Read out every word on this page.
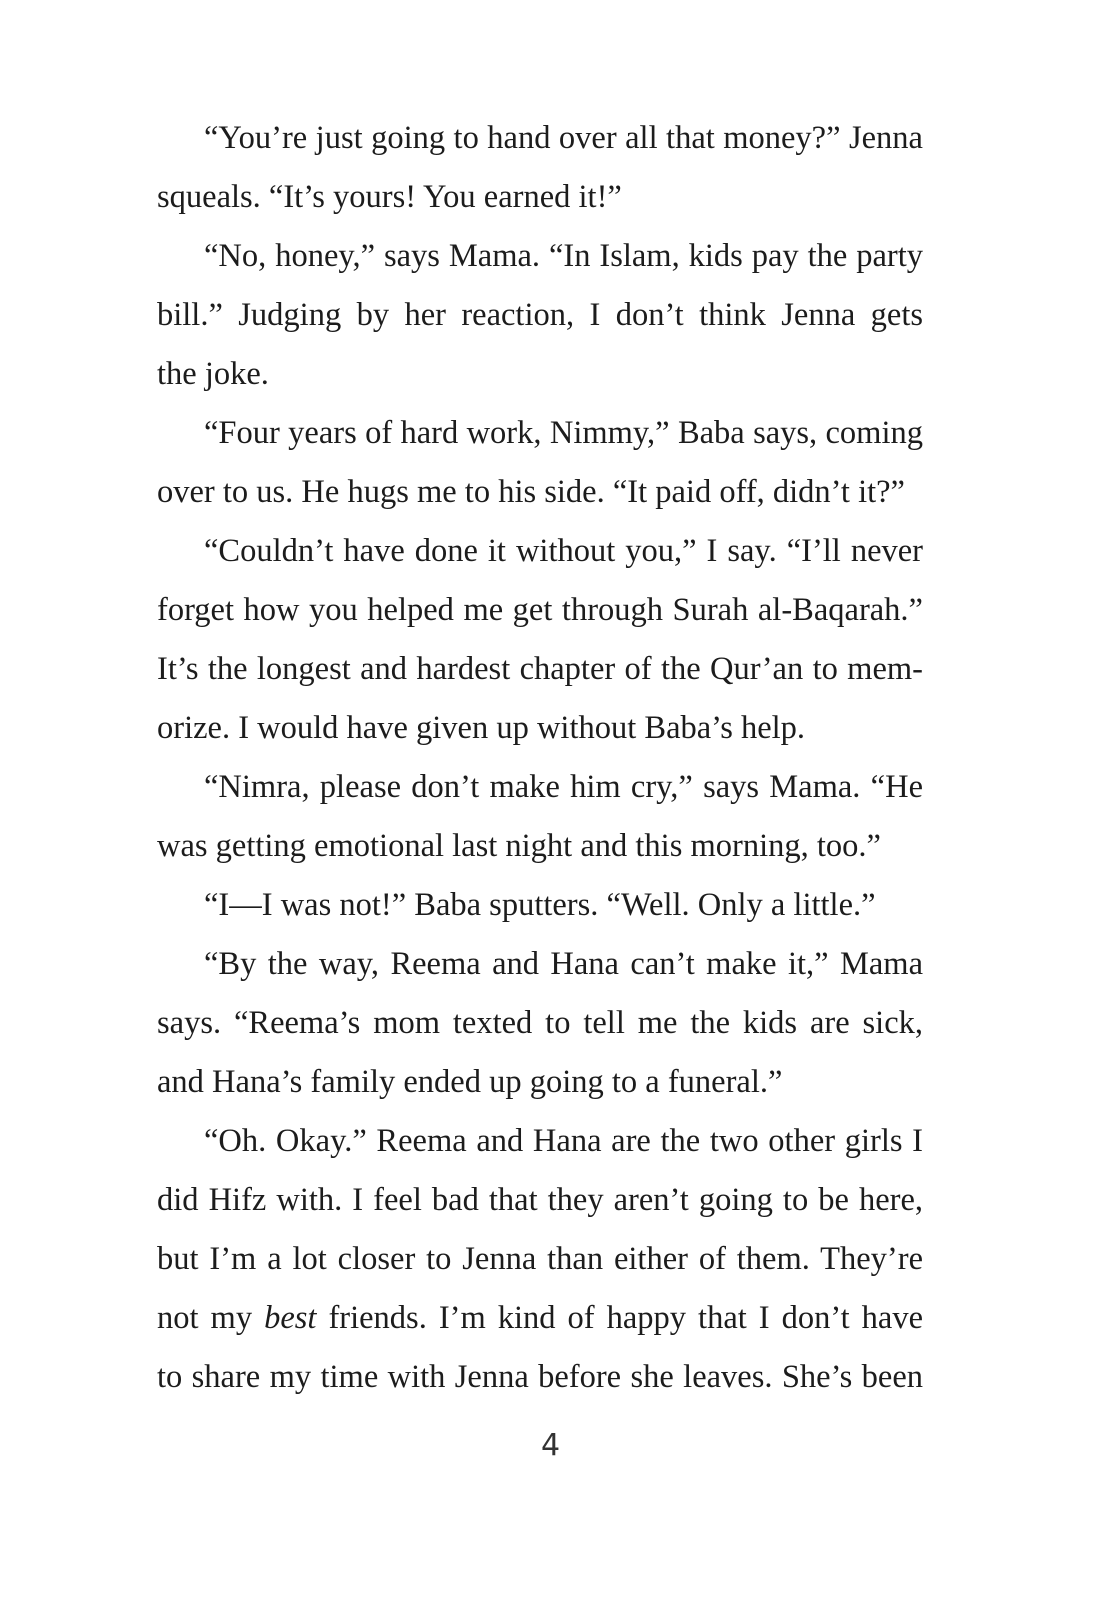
“You’re just going to hand over all that money?” Jenna
squeals. “It’s yours! You earned it!”
“No, honey,” says Mama. “In Islam, kids pay the party
bill.” Judging by her reaction, I don’t think Jenna gets
the joke.
“Four years of hard work, Nimmy,” Baba says, coming
over to us. He hugs me to his side. “It paid off, didn’t it?”
“Couldn’t have done it without you,” I say. “I’ll never
forget how you helped me get through Surah al-Baqarah.”
It’s the longest and hardest chapter of the Qur’an to mem-
orize. I would have given up without Baba’s help.
“Nimra, please don’t make him cry,” says Mama. “He
was getting emotional last night and this morning, too.”
“I—I was not!” Baba sputters. “Well. Only a little.”
“By the way, Reema and Hana can’t make it,” Mama
says. “Reema’s mom texted to tell me the kids are sick,
and Hana’s family ended up going to a funeral.”
“Oh. Okay.” Reema and Hana are the two other girls I
did Hifz with. I feel bad that they aren’t going to be here,
but I’m a lot closer to Jenna than either of them. They’re
not my best friends. I’m kind of happy that I don’t have
to share my time with Jenna before she leaves. She’s been
4
